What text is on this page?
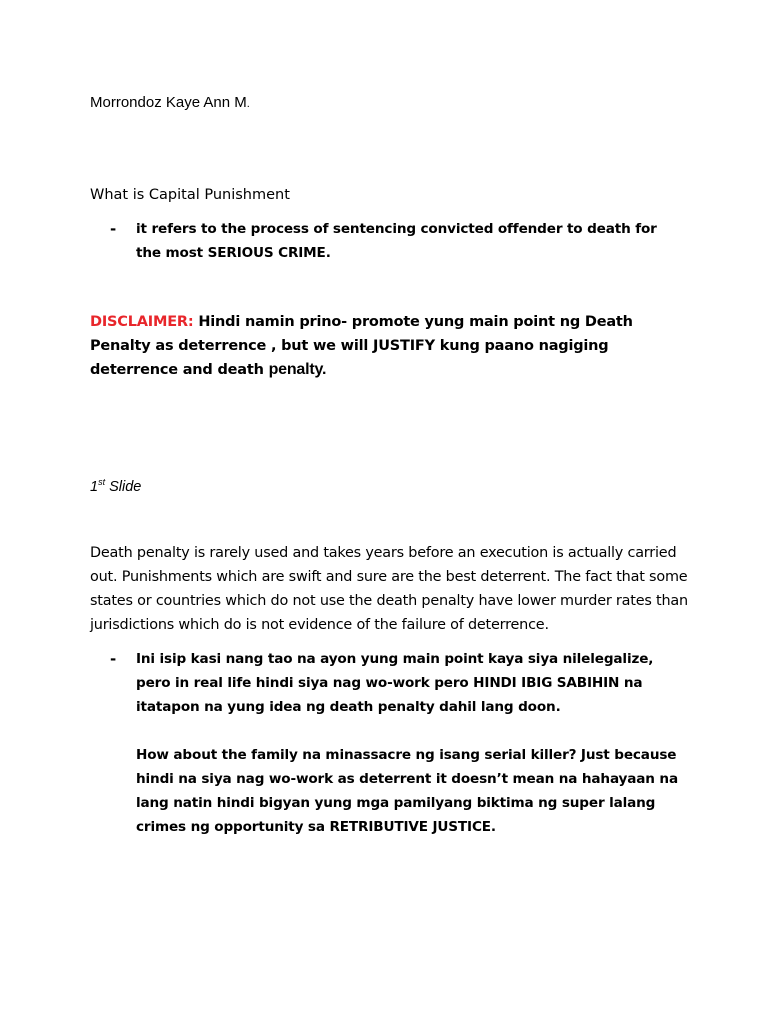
Morrondoz Kaye Ann M.
What is Capital Punishment
-	it refers to the process of sentencing convicted offender to death for the most SERIOUS CRIME.
DISCLAIMER: Hindi namin prino- promote yung main point ng Death Penalty as deterrence , but we will JUSTIFY kung paano nagiging deterrence and death penalty.
1st Slide
Death penalty is rarely used and takes years before an execution is actually carried out. Punishments which are swift and sure are the best deterrent. The fact that some states or countries which do not use the death penalty have lower murder rates than jurisdictions which do is not evidence of the failure of deterrence.
-	Ini isip kasi nang tao na ayon yung main point kaya siya nilelegalize, pero in real life hindi siya nag wo-work pero HINDI IBIG SABIHIN na itatapon na yung idea ng death penalty dahil lang doon.
How about the family na minassacre ng isang serial killer? Just because hindi na siya nag wo-work as deterrent it doesn’t mean na hahayaan na lang natin hindi bigyan yung mga pamilyang biktima ng super lalang crimes ng opportunity sa RETRIBUTIVE JUSTICE.
